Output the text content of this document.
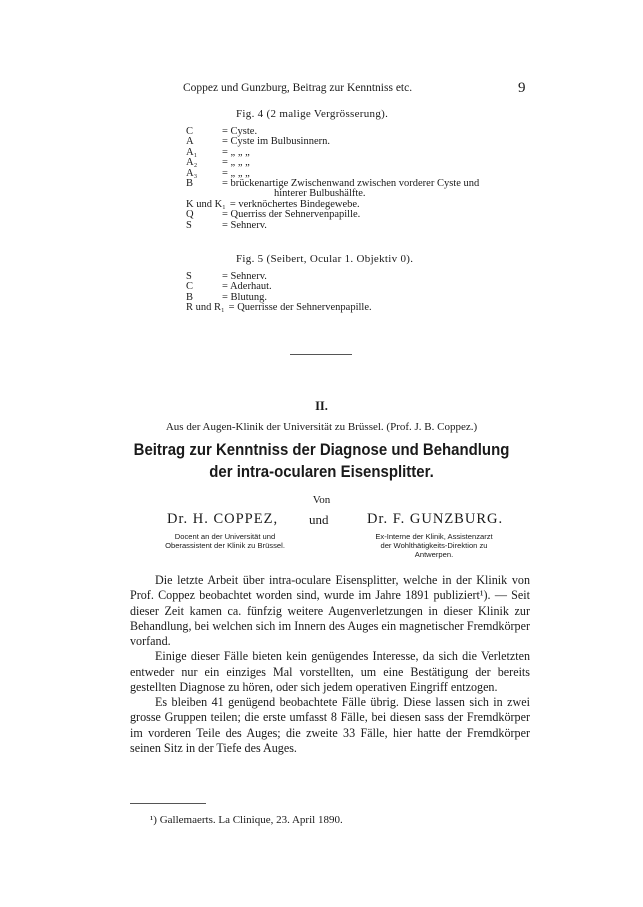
Coppez und Gunzburg, Beitrag zur Kenntniss etc.	9
Fig. 4 (2 malige Vergrösserung).
C	= Cyste.
A	= Cyste im Bulbusinnern.
A₁ = „ „ „
A₂ = „ „ „
A₃ = „ „ „
B	= brückenartige Zwischenwand zwischen vorderer Cyste und
hinterer Bulbushälfte.
K und K₁ = verknöchertes Bindegewebe.
Q	= Querriss der Sehnervenpapille.
S	= Sehnerv.
Fig. 5 (Seibert, Ocular 1. Objektiv 0).
S	= Sehnerv.
C	= Aderhaut.
B	= Blutung.
R und R₁ = Querrisse der Sehnervenpapille.
II.
Aus der Augen-Klinik der Universität zu Brüssel. (Prof. J. B. Coppez.)
Beitrag zur Kenntniss der Diagnose und Behandlung
der intra-ocularen Eisensplitter.
Von
Dr. H. COPPEZ, und	Dr. F. GUNZBURG.
Docent an der Universität und
Oberassistent der Klinik zu Brüssel.
Ex-Interne der Klinik, Assistenzarzt
der Wohlthätigkeits-Direktion zu
Antwerpen.

Die letzte Arbeit über intra-oculare Eisensplitter, welche in der Klinik von Prof. Coppez beobachtet worden sind, wurde im Jahre 1891 publiziert¹). — Seit dieser Zeit kamen ca. fünfzig weitere Augenverletzungen in dieser Klinik zur Behandlung, bei welchen sich im Innern des Auges ein magnetischer Fremdkörper vorfand.

Einige dieser Fälle bieten kein genügendes Interesse, da sich die Verletzten entweder nur ein einziges Mal vorstellten, um eine Bestätigung der bereits gestellten Diagnose zu hören, oder sich jedem operativen Eingriff entzogen.

Es bleiben 41 genügend beobachtete Fälle übrig. Diese lassen sich in zwei grosse Gruppen teilen; die erste umfasst 8 Fälle, bei diesen sass der Fremdkörper im vorderen Teile des Auges; die zweite 33 Fälle, hier hatte der Fremdkörper seinen Sitz in der Tiefe des Auges.

¹) Gallemaerts. La Clinique, 23. April 1890.
